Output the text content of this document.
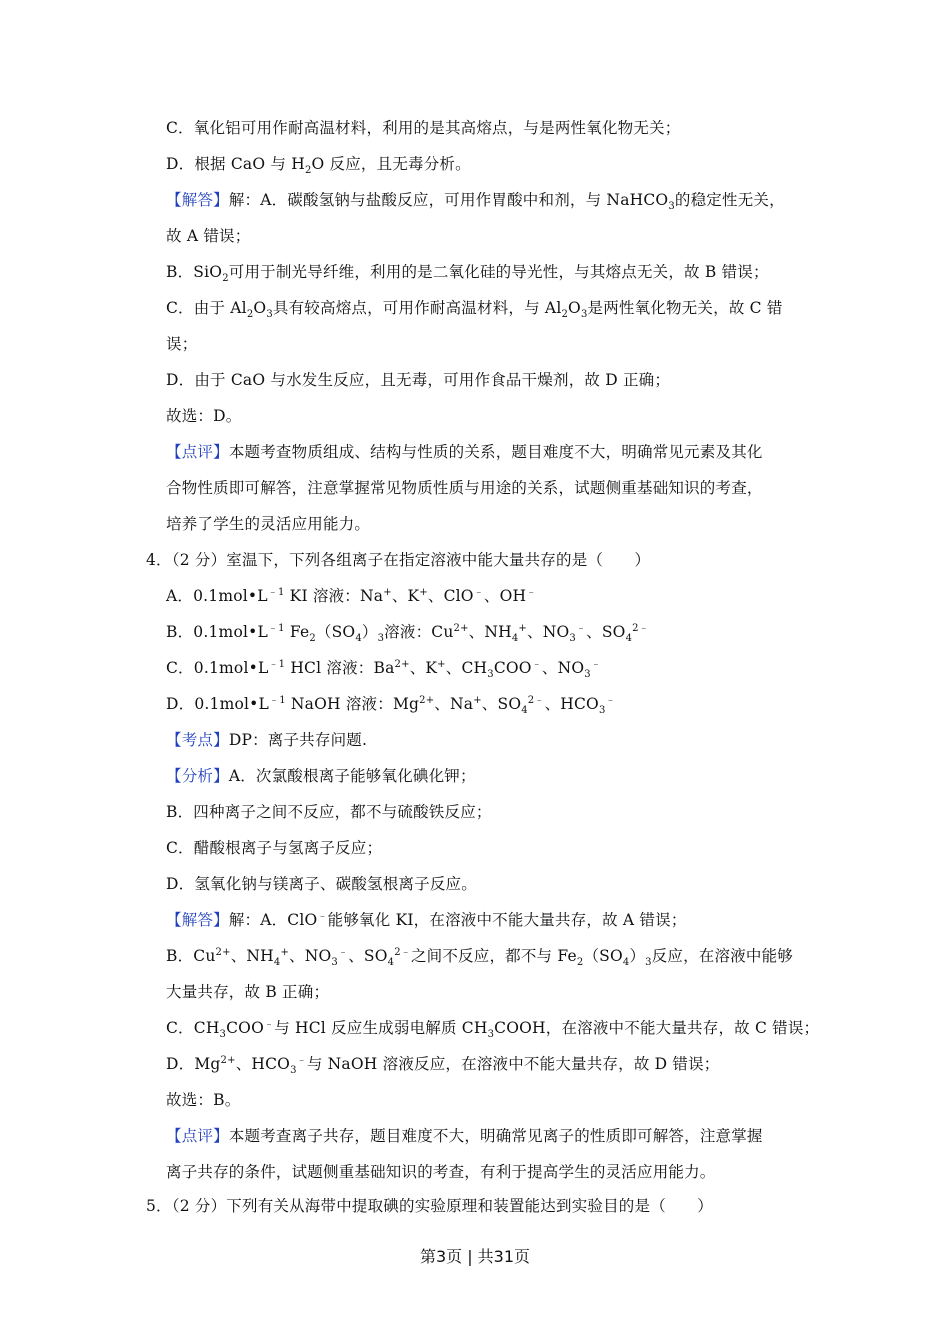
C．氧化铝可用作耐高温材料，利用的是其高熔点，与是两性氧化物无关；
D．根据 CaO 与 $H_2O$ 反应，且无毒分析。
【解答】解：A．碳酸氢钠与盐酸反应，可用作胃酸中和剂，与 NaHCO$_3$的稳定性无关，
故 A 错误；
B．SiO$_2$可用于制光导纤维，利用的是二氧化硅的导光性，与其熔点无关，故 B 错误；
C．由于 $Al_2O_3$具有较高熔点，可用作耐高温材料，与 $Al_2O_3$是两性氧化物无关，故 C 错
误；
D．由于 CaO 与水发生反应，且无毒，可用作食品干燥剂，故 D 正确；
故选：D。
【点评】本题考查物质组成、结构与性质的关系，题目难度不大，明确常见元素及其化
合物性质即可解答，注意掌握常见物质性质与用途的关系，试题侧重基础知识的考查，
培养了学生的灵活应用能力。
4．（2 分）室温下，下列各组离子在指定溶液中能大量共存的是（　　）
A．$0.1mol•L^{﹣1}$ KI 溶液：Na+、K+、ClO﹣、OH﹣
B．$0.1mol•L^{﹣1}$ $Fe_2(SO_4)_3$溶液：$Cu^{2+}$、$NH_4^+$、$NO_3^﹣$、$SO_4^{2﹣}$
C．$0.1mol•L^{﹣1}$ HCl 溶液：$Ba^{2+}$、K+、$CH_3COO^﹣$、$NO_3^﹣$
D．$0.1mol•L^{﹣1}$ NaOH 溶液：$Mg^{2+}$、Na+、$SO_4^{2﹣}$、$HCO_3^﹣$
【考点】DP：离子共存问题.
【分析】A．次氯酸根离子能够氧化碘化钾；
B．四种离子之间不反应，都不与硫酸铁反应；
C．醋酸根离子与氢离子反应；
D．氢氧化钠与镁离子、碳酸氢根离子反应。
【解答】解：A．ClO﹣能够氧化 KI，在溶液中不能大量共存，故 A 错误；
B．$Cu^{2+}$、$NH_4^+$、$NO_3^﹣$、$SO_4^{2﹣}$之间不反应，都不与 $Fe_2(SO_4)_3$反应，在溶液中能够
大量共存，故 B 正确；
C．$CH_3COO^﹣$与 HCl 反应生成弱电解质 $CH_3COOH$，在溶液中不能大量共存，故 C 错误；
D．$Mg^{2+}$、$HCO_3^﹣$与 NaOH 溶液反应，在溶液中不能大量共存，故 D 错误；
故选：B。
【点评】本题考查离子共存，题目难度不大，明确常见离子的性质即可解答，注意掌握
离子共存的条件，试题侧重基础知识的考查，有利于提高学生的灵活应用能力。
5．（2 分）下列有关从海带中提取碘的实验原理和装置能达到实验目的是（　　）
第3页 | 共31页
